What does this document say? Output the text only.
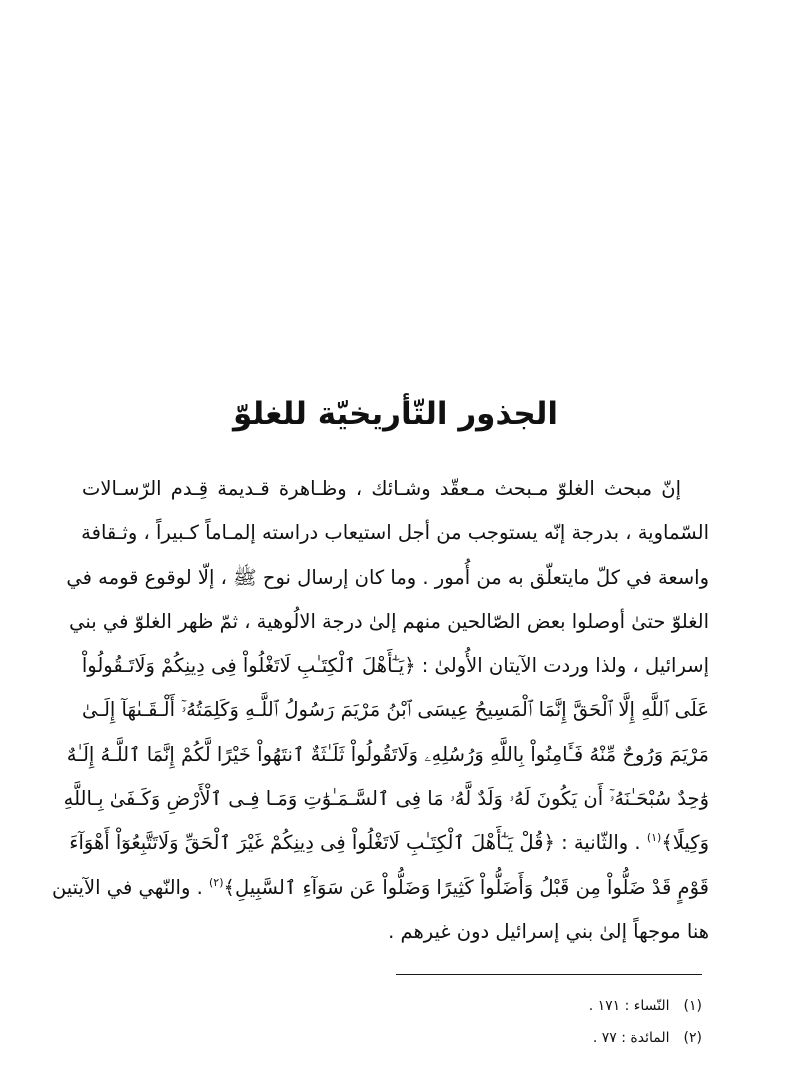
الجذور التّأريخيّة للغلوّ
إنّ مبحث الغلوّ مـبحث مـعقّد وشـائك ، وظـاهرة قـديمة قِـدم الرّسـالات
السّماوية ، بدرجة إنّه يستوجب من أجل استيعاب دراسته إلمـاماً كـبيراً ، وثـقافة
واسعة في كلّ مايتعلّق به من أُمور . وما كان إرسال نوح ﷺ ، إلّا لوقوع قومه في
الغلوّ حتىٰ أوصلوا بعض الصّالحين منهم إلىٰ درجة الالُوهية ، ثمّ ظهر الغلوّ في بني
إسرائيل ، ولذا وردت الآيتان الأُولىٰ : ﴿يَـٰٓأَهْلَ ٱلْكِتَـٰبِ لَاتَغْلُواْ فِى دِينِكُمْ وَلَاتَـقُولُواْ
عَلَى ٱللَّهِ إِلَّا ٱلْحَقَّ إِنَّمَا ٱلْمَسِيحُ عِيسَى ٱبْنُ مَرْيَمَ رَسُولُ ٱللَّـهِ وَكَلِمَتُهُۥٓ أَلْـقَـىٰهَآ إِلَـىٰ
مَرْيَمَ وَرُوحٌ مِّنْهُ فَـَٔامِنُواْ بِاللَّهِ وَرُسُلِهِۦ وَلَاتَقُولُواْ ثَلَـٰثَةٌ ٱنتَهُواْ خَيْرًا لَّكُمْ إِنَّمَا ٱللَّـهُ إِلَـٰهٌ
وَٰحِدٌ سُبْحَـٰنَهُۥٓ أَن يَكُونَ لَهُۥ وَلَدٌ لَّهُۥ مَا فِى ٱلسَّـمَـٰوَٰتِ وَمَـا فِـى ٱلْأَرْضِ وَكَـفَىٰ بِـاللَّهِ
وَكِيلًا﴾$^{(١)}$ . والثّانية : ﴿قُلْ يَـٰٓأَهْلَ ٱلْكِتَـٰبِ لَاتَغْلُواْ فِى دِينِكُمْ غَيْرَ ٱلْحَقِّ وَلَاتَتَّبِعُوٓاْ أَهْوَآءَ
قَوْمٍ قَدْ ضَلُّواْ مِن قَبْلُ وَأَضَلُّواْ كَثِيرًا وَضَلُّواْ عَن سَوَآءِ ٱلسَّبِيلِ﴾$^{(٢)}$ . والنّهي في الآيتين
هنا موجهاً إلىٰ بني إسرائيل دون غيرهم .
(١)النّساء : ١٧١ .
(٢)المائدة : ٧٧ .
